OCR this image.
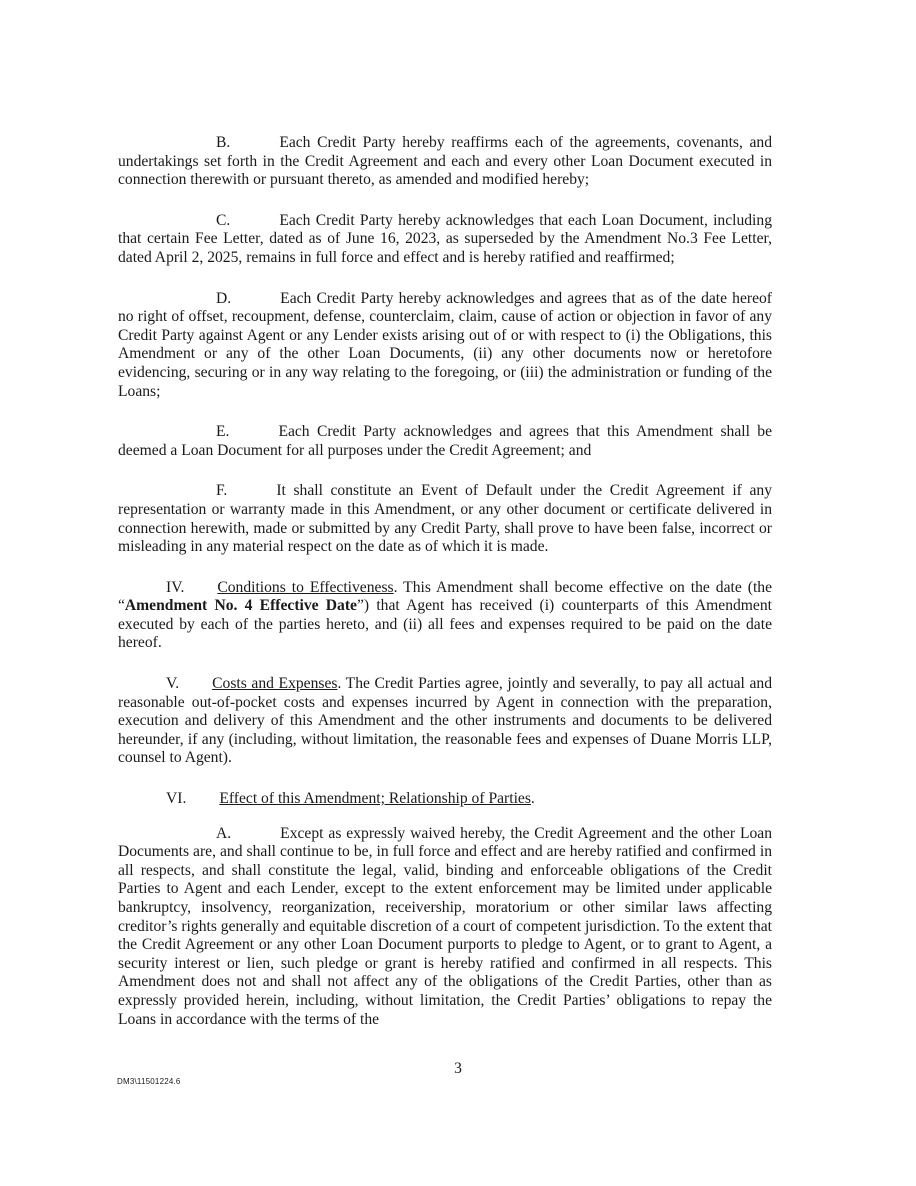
B.	Each Credit Party hereby reaffirms each of the agreements, covenants, and undertakings set forth in the Credit Agreement and each and every other Loan Document executed in connection therewith or pursuant thereto, as amended and modified hereby;

C.	Each Credit Party hereby acknowledges that each Loan Document, including that certain Fee Letter, dated as of June 16, 2023, as superseded by the Amendment No.3 Fee Letter, dated April 2, 2025, remains in full force and effect and is hereby ratified and reaffirmed;

D.	Each Credit Party hereby acknowledges and agrees that as of the date hereof no right of offset, recoupment, defense, counterclaim, claim, cause of action or objection in favor of any Credit Party against Agent or any Lender exists arising out of or with respect to (i) the Obligations, this Amendment or any of the other Loan Documents, (ii) any other documents now or heretofore evidencing, securing or in any way relating to the foregoing, or (iii) the administration or funding of the Loans;

E.	Each Credit Party acknowledges and agrees that this Amendment shall be deemed a Loan Document for all purposes under the Credit Agreement; and

F.	It shall constitute an Event of Default under the Credit Agreement if any representation or warranty made in this Amendment, or any other document or certificate delivered in connection herewith, made or submitted by any Credit Party, shall prove to have been false, incorrect or misleading in any material respect on the date as of which it is made.

IV. Conditions to Effectiveness. This Amendment shall become effective on the date (the “Amendment No. 4 Effective Date”) that Agent has received (i) counterparts of this Amendment executed by each of the parties hereto, and (ii) all fees and expenses required to be paid on the date hereof.

V. Costs and Expenses. The Credit Parties agree, jointly and severally, to pay all actual and reasonable out-of-pocket costs and expenses incurred by Agent in connection with the preparation, execution and delivery of this Amendment and the other instruments and documents to be delivered hereunder, if any (including, without limitation, the reasonable fees and expenses of Duane Morris LLP, counsel to Agent).

VI. Effect of this Amendment; Relationship of Parties.

A.	Except as expressly waived hereby, the Credit Agreement and the other Loan Documents are, and shall continue to be, in full force and effect and are hereby ratified and confirmed in all respects, and shall constitute the legal, valid, binding and enforceable obligations of the Credit Parties to Agent and each Lender, except to the extent enforcement may be limited under applicable bankruptcy, insolvency, reorganization, receivership, moratorium or other similar laws affecting creditor’s rights generally and equitable discretion of a court of competent jurisdiction. To the extent that the Credit Agreement or any other Loan Document purports to pledge to Agent, or to grant to Agent, a security interest or lien, such pledge or grant is hereby ratified and confirmed in all respects. This Amendment does not and shall not affect any of the obligations of the Credit Parties, other than as expressly provided herein, including, without limitation, the Credit Parties’ obligations to repay the Loans in accordance with the terms of the

3
DM3\11501224.6
